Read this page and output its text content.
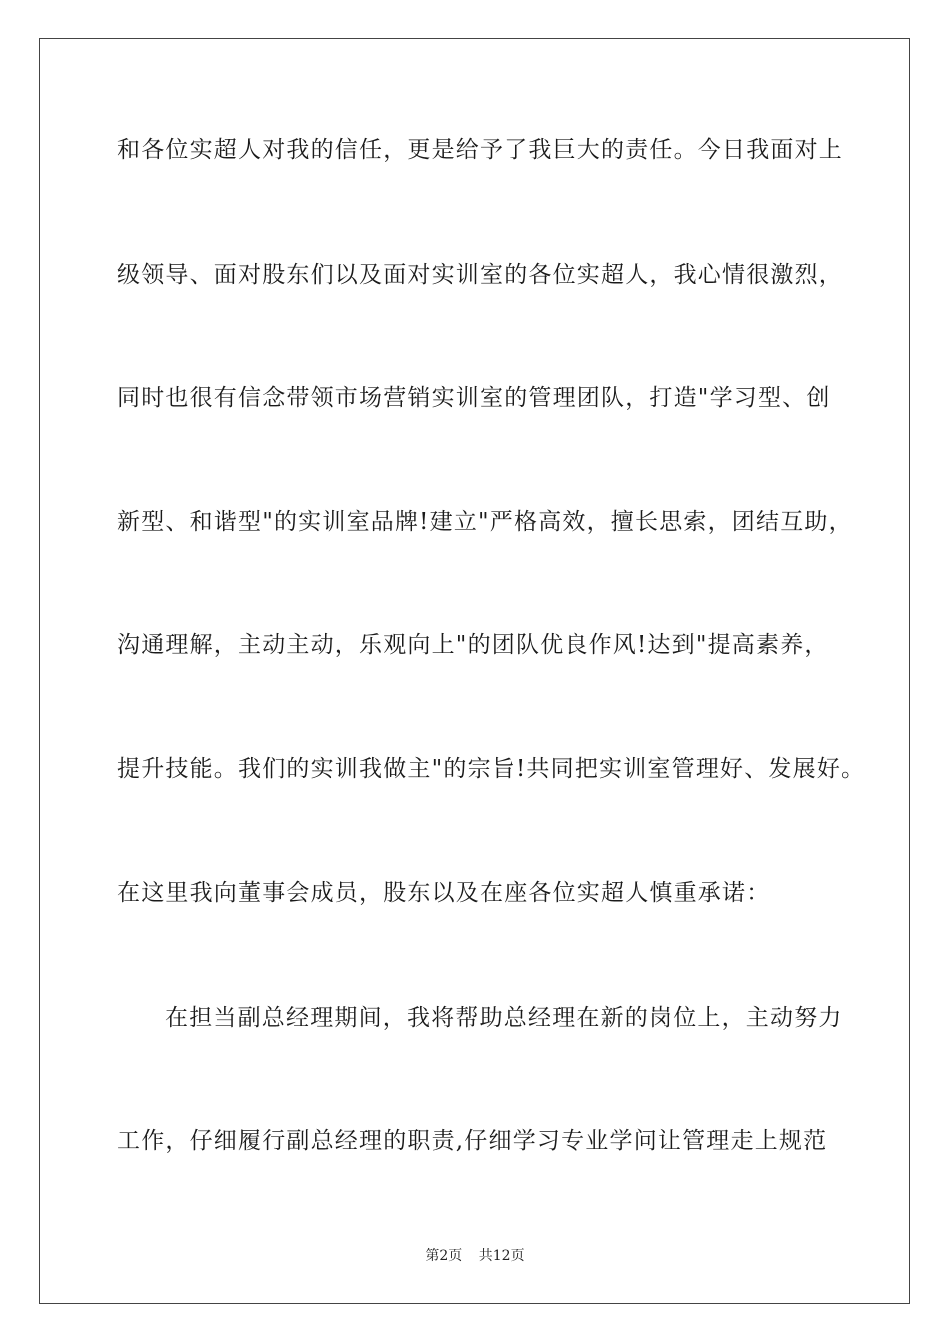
和各位实超人对我的信任，更是给予了我巨大的责任。今日我面对上
级领导、面对股东们以及面对实训室的各位实超人，我心情很激烈，
同时也很有信念带领市场营销实训室的管理团队，打造"学习型、创
新型、和谐型"的实训室品牌!建立"严格高效，擅长思索，团结互助，
沟通理解，主动主动，乐观向上"的团队优良作风!达到"提高素养，
提升技能。我们的实训我做主"的宗旨!共同把实训室管理好、发展好。
在这里我向董事会成员，股东以及在座各位实超人慎重承诺：
在担当副总经理期间，我将帮助总经理在新的岗位上，主动努力
工作，仔细履行副总经理的职责,仔细学习专业学问让管理走上规范
第2页 共12页
